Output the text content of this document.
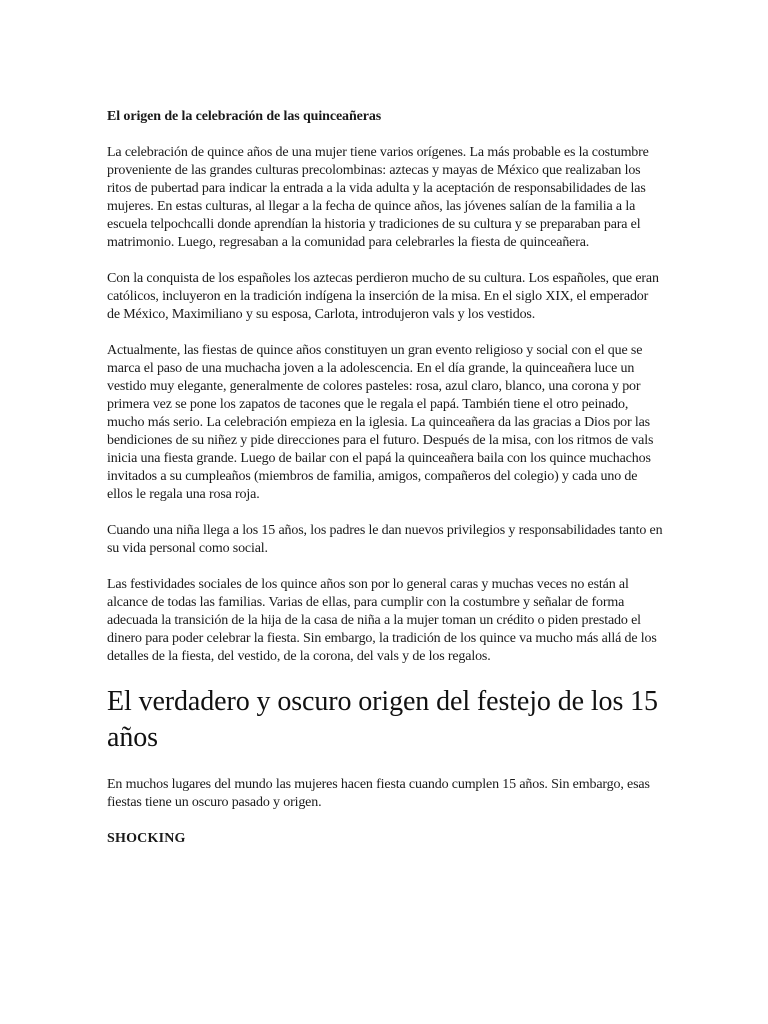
El origen de la celebración de las quinceañeras

La celebración de quince años de una mujer tiene varios orígenes. La más probable es la costumbre proveniente de las grandes culturas precolombinas: aztecas y mayas de México que realizaban los ritos de pubertad para indicar la entrada a la vida adulta y la aceptación de responsabilidades de las mujeres. En estas culturas, al llegar a la fecha de quince años, las jóvenes salían de la familia a la escuela telpochcalli donde aprendían la historia y tradiciones de su cultura y se preparaban para el matrimonio. Luego, regresaban a la comunidad para celebrarles la fiesta de quinceañera.

Con la conquista de los españoles los aztecas perdieron mucho de su cultura. Los españoles, que eran católicos, incluyeron en la tradición indígena la inserción de la misa. En el siglo XIX, el emperador de México, Maximiliano y su esposa, Carlota, introdujeron vals y los vestidos.

Actualmente, las fiestas de quince años constituyen un gran evento religioso y social con el que se marca el paso de una muchacha joven a la adolescencia. En el día grande, la quinceañera luce un vestido muy elegante, generalmente de colores pasteles: rosa, azul claro, blanco, una corona y por primera vez se pone los zapatos de tacones que le regala el papá. También tiene el otro peinado, mucho más serio. La celebración empieza en la iglesia. La quinceañera da las gracias a Dios por las bendiciones de su niñez y pide direcciones para el futuro. Después de la misa, con los ritmos de vals inicia una fiesta grande. Luego de bailar con el papá la quinceañera baila con los quince muchachos invitados a su cumpleaños (miembros de familia, amigos, compañeros del colegio) y cada uno de ellos le regala una rosa roja.

Cuando una niña llega a los 15 años, los padres le dan nuevos privilegios y responsabilidades tanto en su vida personal como social.

Las festividades sociales de los quince años son por lo general caras y muchas veces no están al alcance de todas las familias. Varias de ellas, para cumplir con la costumbre y señalar de forma adecuada la transición de la hija de la casa de niña a la mujer toman un crédito o piden prestado el dinero para poder celebrar la fiesta. Sin embargo, la tradición de los quince va mucho más allá de los detalles de la fiesta, del vestido, de la corona, del vals y de los regalos.

El verdadero y oscuro origen del festejo de los 15 años

En muchos lugares del mundo las mujeres hacen fiesta cuando cumplen 15 años. Sin embargo, esas fiestas tiene un oscuro pasado y origen.

SHOCKING
